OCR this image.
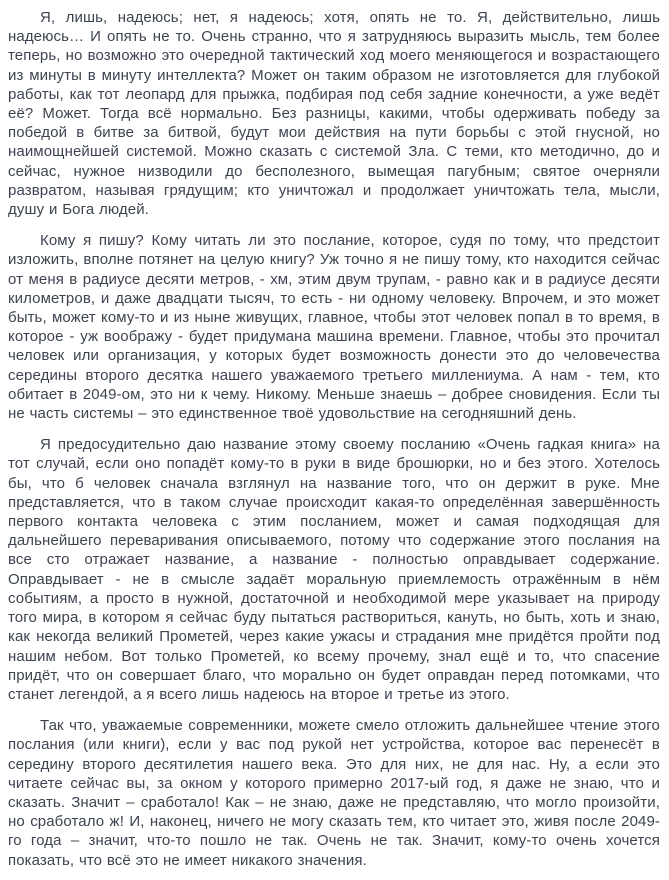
Я, лишь, надеюсь; нет, я надеюсь; хотя, опять не то. Я, действительно, лишь надеюсь… И опять не то. Очень странно, что я затрудняюсь выразить мысль, тем более теперь, но возможно это очередной тактический ход моего меняющегося и возрастающего из минуты в минуту интеллекта? Может он таким образом не изготовляется для глубокой работы, как тот леопард для прыжка, подбирая под себя задние конечности, а уже ведёт её? Может. Тогда всё нормально. Без разницы, какими, чтобы одерживать победу за победой в битве за битвой, будут мои действия на пути борьбы с этой гнусной, но наимощнейшей системой. Можно сказать с системой Зла. С теми, кто методично, до и сейчас, нужное низводили до бесполезного, вымещая пагубным; святое очерняли развратом, называя грядущим; кто уничтожал и продолжает уничтожать тела, мысли, душу и Бога людей.

Кому я пишу? Кому читать ли это послание, которое, судя по тому, что предстоит изложить, вполне потянет на целую книгу? Уж точно я не пишу тому, кто находится сейчас от меня в радиусе десяти метров, - хм, этим двум трупам, - равно как и в радиусе десяти километров, и даже двадцати тысяч, то есть - ни одному человеку. Впрочем, и это может быть, может кому-то и из ныне живущих, главное, чтобы этот человек попал в то время, в которое - уж воображу - будет придумана машина времени. Главное, чтобы это прочитал человек или организация, у которых будет возможность донести это до человечества середины второго десятка нашего уважаемого третьего миллениума. А нам - тем, кто обитает в 2049-ом, это ни к чему. Никому. Меньше знаешь – добрее сновидения. Если ты не часть системы – это единственное твоё удовольствие на сегодняшний день.

Я предосудительно даю название этому своему посланию «Очень гадкая книга» на тот случай, если оно попадёт кому-то в руки в виде брошюрки, но и без этого. Хотелось бы, что б человек сначала взглянул на название того, что он держит в руке. Мне представляется, что в таком случае происходит какая-то определённая завершённость первого контакта человека с этим посланием, может и самая подходящая для дальнейшего переваривания описываемого, потому что содержание этого послания на все сто отражает название, а название - полностью оправдывает содержание. Оправдывает - не в смысле задаёт моральную приемлемость отражённым в нём событиям, а просто в нужной, достаточной и необходимой мере указывает на природу того мира, в котором я сейчас буду пытаться раствориться, кануть, но быть, хоть и знаю, как некогда великий Прометей, через какие ужасы и страдания мне придётся пройти под нашим небом. Вот только Прометей, ко всему прочему, знал ещё и то, что спасение придёт, что он совершает благо, что морально он будет оправдан перед потомками, что станет легендой, а я всего лишь надеюсь на второе и третье из этого.

Так что, уважаемые современники, можете смело отложить дальнейшее чтение этого послания (или книги), если у вас под рукой нет устройства, которое вас перенесёт в середину второго десятилетия нашего века. Это для них, не для нас. Ну, а если это читаете сейчас вы, за окном у которого примерно 2017-ый год, я даже не знаю, что и сказать. Значит – сработало! Как – не знаю, даже не представляю, что могло произойти, но сработало ж! И, наконец, ничего не могу сказать тем, кто читает это, живя после 2049-го года – значит, что-то пошло не так. Очень не так. Значит, кому-то очень хочется показать, что всё это не имеет никакого значения.
